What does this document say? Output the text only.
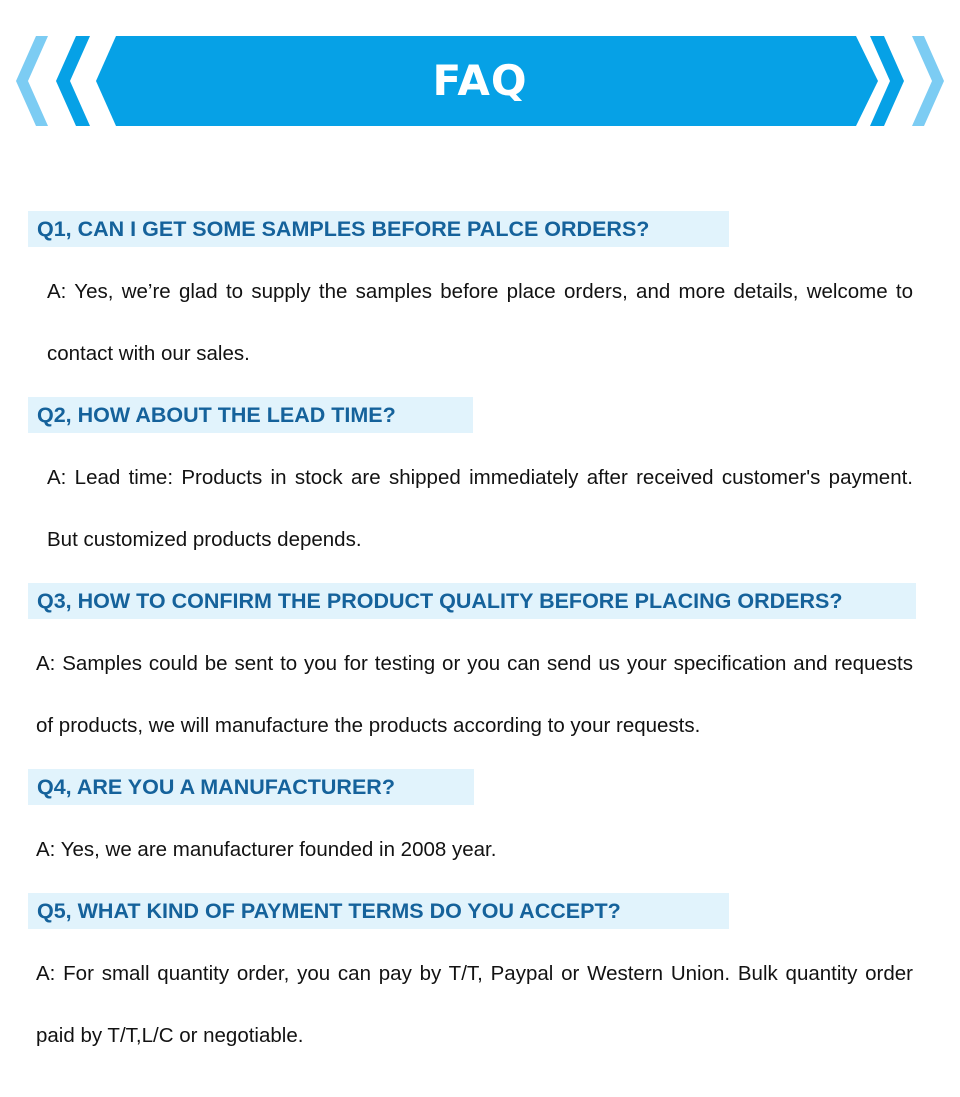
FAQ
Q1, CAN I GET SOME SAMPLES BEFORE PALCE ORDERS?
A: Yes, we’re glad to supply the samples before place orders, and more details, welcome to contact with our sales.
Q2, HOW ABOUT THE LEAD TIME?
A: Lead time: Products in stock are shipped immediately after received customer's payment. But customized products depends.
Q3, HOW TO CONFIRM THE PRODUCT QUALITY BEFORE PLACING ORDERS?
A: Samples could be sent to you for testing or you can send us your specification and requests of products, we will manufacture the products according to your requests.
Q4, ARE YOU A MANUFACTURER?
A: Yes, we are manufacturer founded in 2008 year.
Q5, WHAT KIND OF PAYMENT TERMS DO YOU ACCEPT?
A: For small quantity order, you can pay by T/T, Paypal or Western Union. Bulk quantity order paid by T/T,L/C or negotiable.
